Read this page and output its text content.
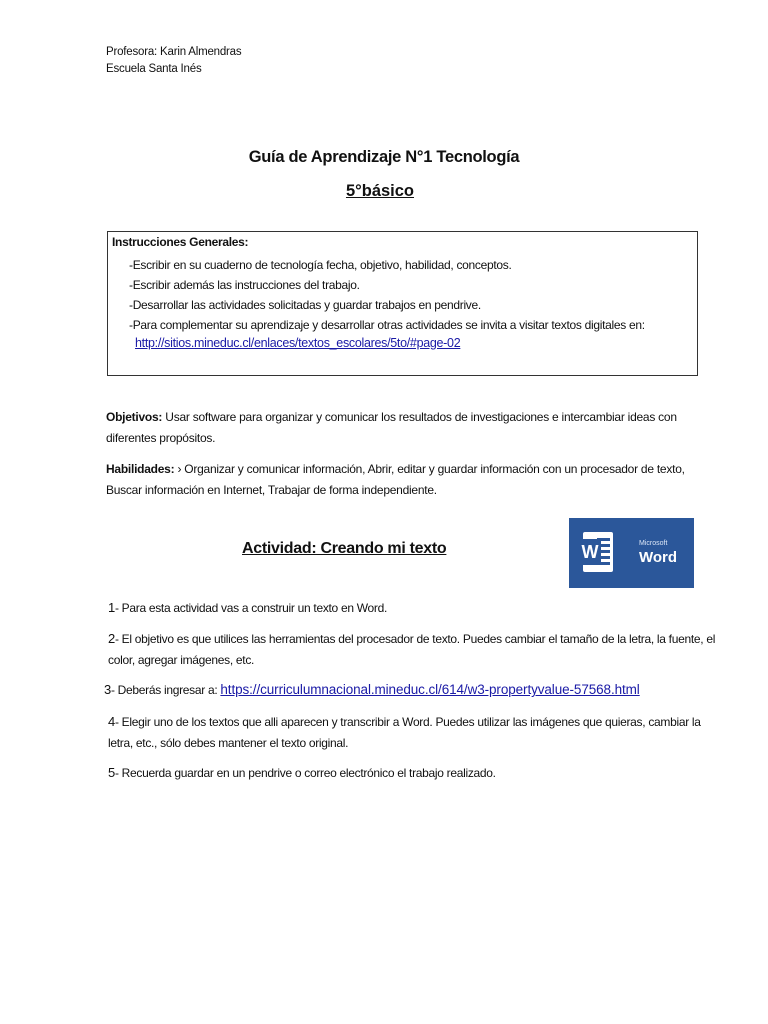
Profesora: Karin Almendras
Escuela Santa Inés
Guía de Aprendizaje N°1 Tecnología
5°básico
Instrucciones Generales:
-Escribir en su cuaderno de tecnología fecha, objetivo, habilidad, conceptos.
-Escribir además las instrucciones del trabajo.
-Desarrollar las actividades solicitadas y guardar trabajos en pendrive.
-Para complementar su aprendizaje y desarrollar otras actividades se invita a visitar textos digitales en:
http://sitios.mineduc.cl/enlaces/textos_escolares/5to/#page-02
Objetivos: Usar software para organizar y comunicar los resultados de investigaciones e intercambiar ideas con diferentes propósitos.
Habilidades: › Organizar y comunicar información, Abrir, editar y guardar información con un procesador de texto, Buscar información en Internet, Trabajar de forma independiente.
Actividad: Creando mi texto	W	Microsoft
Word
1- Para esta actividad vas a construir un texto en Word.
2- El objetivo es que utilices las herramientas del procesador de texto. Puedes cambiar el tamaño de la letra, la fuente, el color, agregar imágenes, etc.
3- Deberás ingresar a: https://curriculumnacional.mineduc.cl/614/w3-propertyvalue-57568.html
4- Elegir uno de los textos que alli aparecen y transcribir a Word. Puedes utilizar las imágenes que quieras, cambiar la letra, etc., sólo debes mantener el texto original.
5- Recuerda guardar en un pendrive o correo electrónico el trabajo realizado.
